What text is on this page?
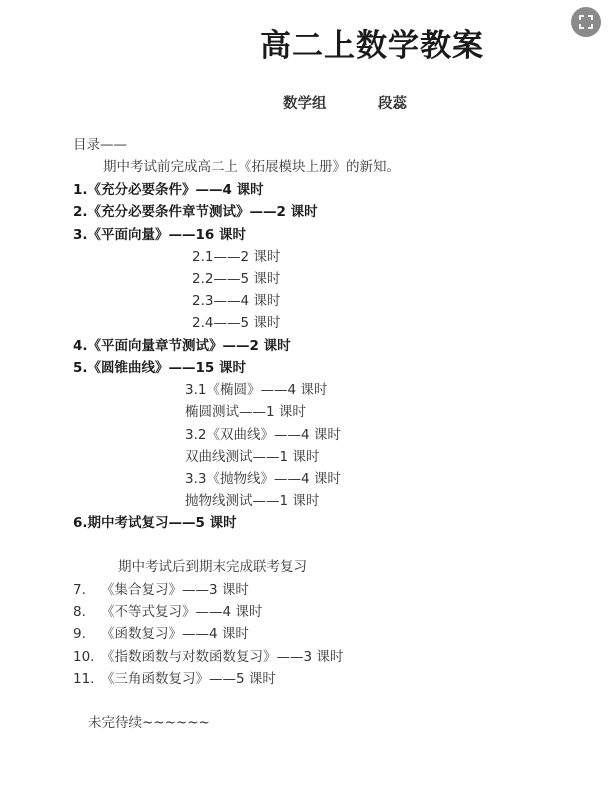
高二上数学教案
数学组	段蕊
目录——
期中考试前完成高二上《拓展模块上册》的新知。
1.《充分必要条件》——4 课时
2.《充分必要条件章节测试》——2 课时
3.《平面向量》——16 课时
2.1——2 课时
2.2——5 课时
2.3——4 课时
2.4——5 课时
4.《平面向量章节测试》——2 课时
5.《圆锥曲线》——15 课时
3.1《椭圆》——4 课时
椭圆测试——1 课时
3.2《双曲线》——4 课时
双曲线测试——1 课时
3.3《抛物线》——4 课时
抛物线测试——1 课时
6.期中考试复习——5 课时
期中考试后到期末完成联考复习
7. 《集合复习》——3 课时
8. 《不等式复习》——4 课时
9. 《函数复习》——4 课时
10. 《指数函数与对数函数复习》——3 课时
11. 《三角函数复习》——5 课时
未完待续~~~~~~
